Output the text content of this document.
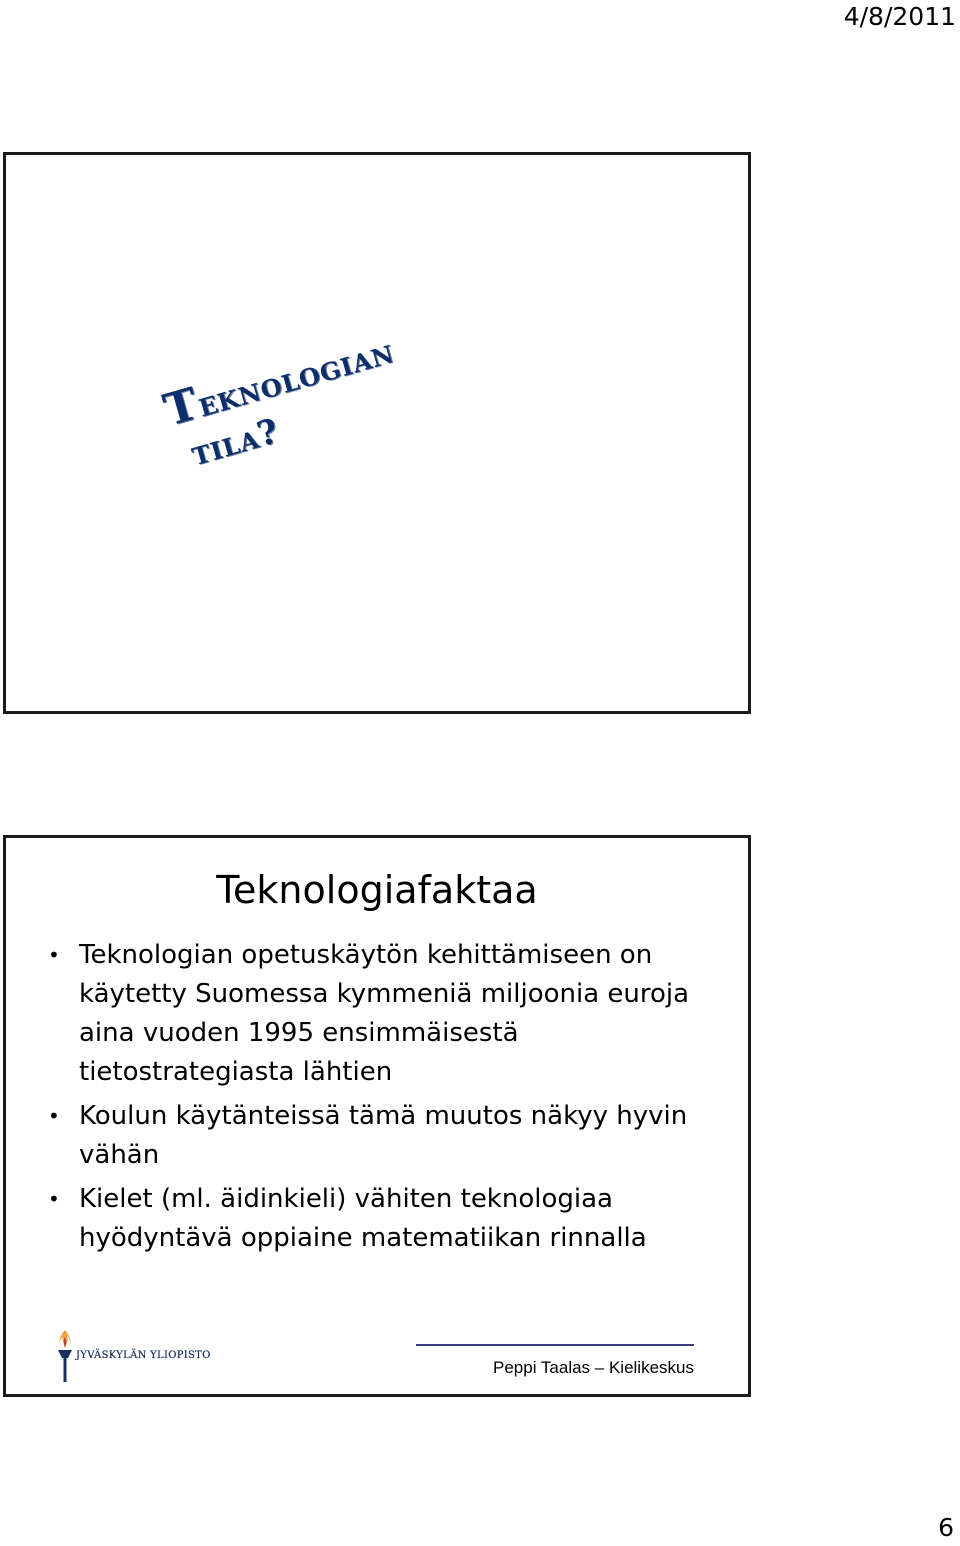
4/8/2011
Teknologian
tila?
Teknologiafaktaa
• Teknologian opetuskäytön kehittämiseen on käytetty Suomessa kymmeniä miljoonia euroja aina vuoden 1995 ensimmäisestä tietostrategiasta lähtien
• Koulun käytänteissä tämä muutos näkyy hyvin vähän
• Kielet (ml. äidinkieli) vähiten teknologiaa hyödyntävä oppiaine matematiikan rinnalla
JYVÄSKYLÄN YLIOPISTO
Peppi Taalas – Kielikeskus
6
